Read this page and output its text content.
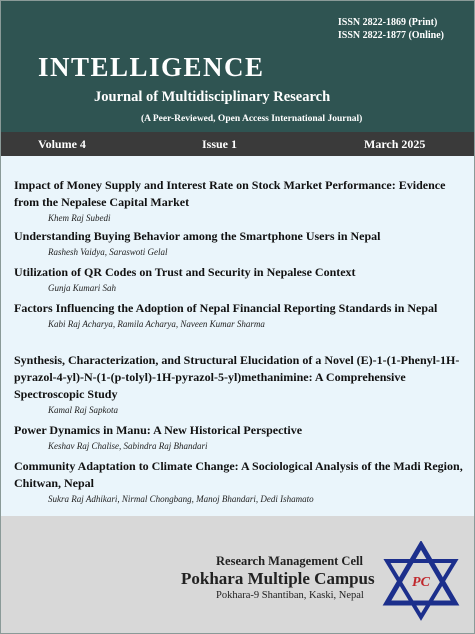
ISSN 2822-1869 (Print)
ISSN 2822-1877 (Online)
INTELLIGENCE
Journal of Multidisciplinary Research
(A Peer-Reviewed, Open Access International Journal)
Volume 4	Issue 1	March 2025
Impact of Money Supply and Interest Rate on Stock Market Performance: Evidence from the Nepalese Capital Market
Khem Raj Subedi
Understanding Buying Behavior among the Smartphone Users in Nepal
Rashesh Vaidya, Saraswoti Gelal
Utilization of QR Codes on Trust and Security in Nepalese Context
Gunja Kumari Sah
Factors Influencing the Adoption of Nepal Financial Reporting Standards in Nepal
Kabi Raj Acharya, Ramila Acharya, Naveen Kumar Sharma
Synthesis, Characterization, and Structural Elucidation of a Novel (E)-1-(1-Phenyl-1H-pyrazol-4-yl)-N-(1-(p-tolyl)-1H-pyrazol-5-yl)methanimine: A Comprehensive Spectroscopic Study
Kamal Raj Sapkota
Power Dynamics in Manu: A New Historical Perspective
Keshav Raj Chalise, Sabindra Raj Bhandari
Community Adaptation to Climate Change: A Sociological Analysis of the Madi Region, Chitwan, Nepal
Sukra Raj Adhikari, Nirmal Chongbang, Manoj Bhandari, Dedi Ishamato
Research Management Cell
Pokhara Multiple Campus
Pokhara-9 Shantiban, Kaski, Nepal
PC
